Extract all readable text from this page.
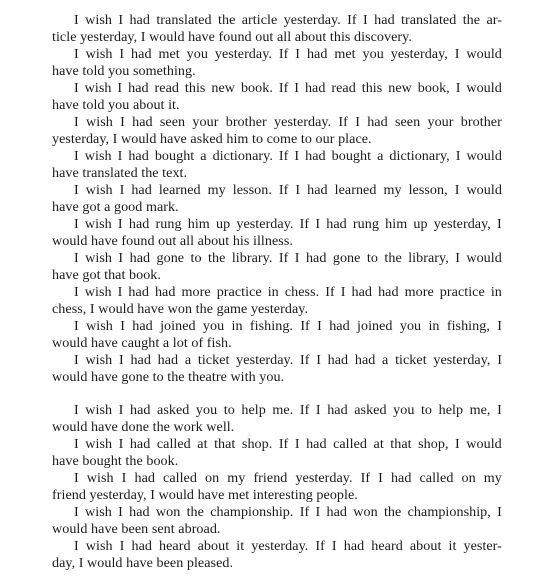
I wish I had translated the article yesterday. If I had translated the ar-
ticle yesterday, I would have found out all about this discovery.
I wish I had met you yesterday. If I had met you yesterday, I would
have told you something.
I wish I had read this new book. If I had read this new book, I would
have told you about it.
I wish I had seen your brother yesterday. If I had seen your brother
yesterday, I would have asked him to come to our place.
I wish I had bought a dictionary. If I had bought a dictionary, I would
have translated the text.
I wish I had learned my lesson. If I had learned my lesson, I would
have got a good mark.
I wish I had rung him up yesterday. If I had rung him up yesterday, I
would have found out all about his illness.
I wish I had gone to the library. If I had gone to the library, I would
have got that book.
I wish I had had more practice in chess. If I had had more practice in
chess, I would have won the game yesterday.
I wish I had joined you in fishing. If I had joined you in fishing, I
would have caught a lot of fish.
I wish I had had a ticket yesterday. If I had had a ticket yesterday, I
would have gone to the theatre with you.
I wish I had asked you to help me. If I had asked you to help me, I
would have done the work well.
I wish I had called at that shop. If I had called at that shop, I would
have bought the book.
I wish I had called on my friend yesterday. If I had called on my
friend yesterday, I would have met interesting people.
I wish I had won the championship. If I had won the championship, I
would have been sent abroad.
I wish I had heard about it yesterday. If I had heard about it yester-
day, I would have been pleased.
